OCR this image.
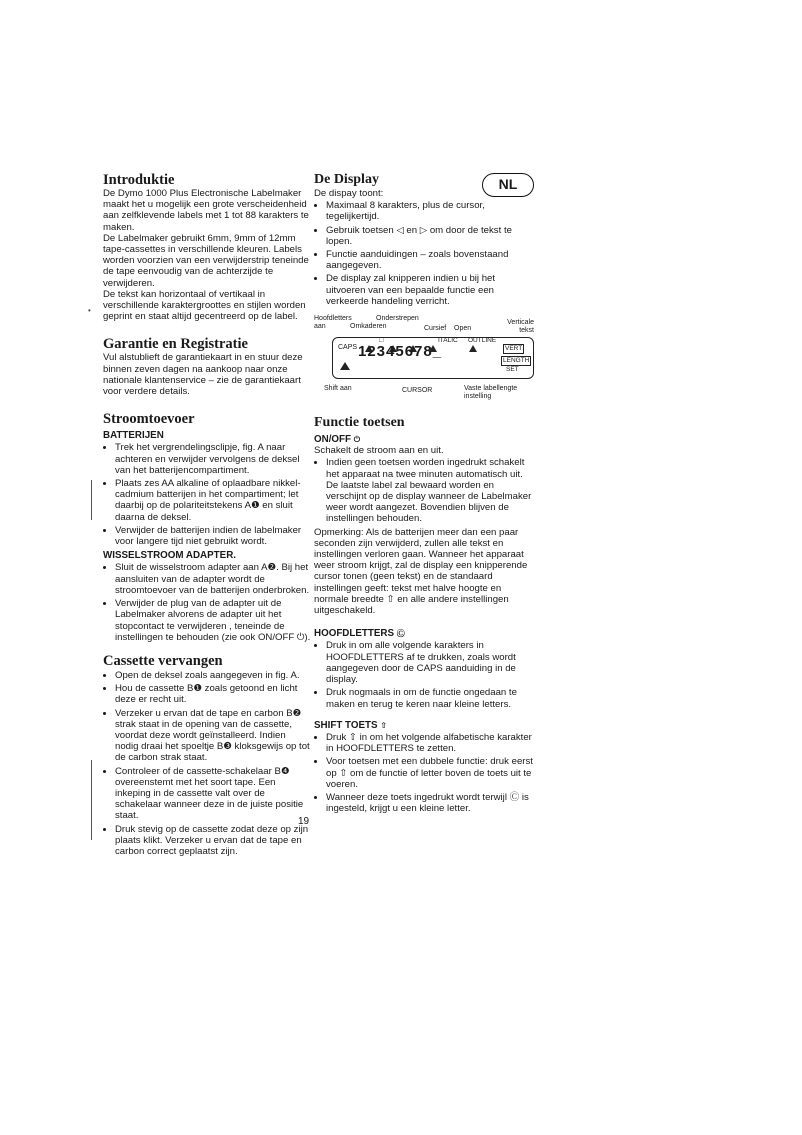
•
NL
Introduktie

De Dymo 1000 Plus Electronische Labelmaker maakt het u mogelijk een grote verscheidenheid aan zelfklevende labels met 1 tot 88 karakters te maken.

De Labelmaker gebruikt 6mm, 9mm of 12mm tape-cassettes in verschillende kleuren. Labels worden voorzien van een verwijderstrip teneinde de tape eenvoudig van de achterzijde te verwijderen.

De tekst kan horizontaal of vertikaal in verschillende karaktergroottes en stijlen worden geprint en staat altijd gecentreerd op de label.

Garantie en Registratie

Vul alstublieft de garantiekaart in en stuur deze binnen zeven dagen na aankoop naar onze nationale klantenservice – zie de garantiekaart voor verdere details.

Stroomtoevoer
BATTERIJEN
• Trek het vergrendelingsclipje, fig. A naar achteren en verwijder vervolgens de deksel van het batterijencompartiment.
• Plaats zes AA alkaline of oplaadbare nikkel-cadmium batterijen in het compartiment; let daarbij op de polariteitstekens A❶ en sluit daarna de deksel.
• Verwijder de batterijen indien de labelmaker voor langere tijd niet gebruikt wordt.
WISSELSTROOM ADAPTER.
• Sluit de wisselstroom adapter aan A❷. Bij het aansluiten van de adapter wordt de stroomtoevoer van de batterijen onderbroken.
• Verwijder de plug van de adapter uit de Labelmaker alvorens de adapter uit het stopcontact te verwijderen , teneinde de instellingen te behouden (zie ook ON/OFF ⏻).
Cassette vervangen
• Open de deksel zoals aangegeven in fig. A.
• Hou de cassette B❶ zoals getoond en licht deze er recht uit.
• Verzeker u ervan dat de tape en carbon B❷ strak staat in de opening van de cassette, voordat deze wordt geïnstalleerd. Indien nodig draai het spoeltje B❸ kloksgewijs op tot de carbon strak staat.
• Controleer of de cassette-schakelaar B❹ overeenstemt met het soort tape. Een inkeping in de cassette valt over de schakelaar wanneer deze in de juiste positie staat.
• Druk stevig op de cassette zodat deze op zijn plaats klikt. Verzeker u ervan dat de tape en carbon correct geplaatst zijn.
De Display

De dispay toont:

• Maximaal 8 karakters, plus de cursor, tegelijkertijd.
• Gebruik toetsen ◁ en ▷ om door de tekst te lopen.
• Functie aanduidingen – zoals bovenstaand aangegeven.
• De display zal knipperen indien u bij het uitvoeren van een bepaalde functie een verkeerde handeling verricht.
Hoofdletters aan
Onderstrepen
Omkaderen	Cursief Open
Verticale tekst
CAPS
□	ITALIC OUTLINE
VERT
LENGTH
SET
12345678_
Shift aan	CURSOR	Vaste labellengte instelling
Functie toetsen
ON/OFF ⏻

Schakelt de stroom aan en uit.

• Indien geen toetsen worden ingedrukt schakelt het apparaat na twee minuten automatisch uit. De laatste label zal bewaard worden en verschijnt op de display wanneer de Labelmaker weer wordt aangezet. Bovendien blijven de instellingen behouden.

Opmerking: Als de batterijen meer dan een paar seconden zijn verwijderd, zullen alle tekst en instellingen verloren gaan. Wanneer het apparaat weer stroom krijgt, zal de display een knipperende cursor tonen (geen tekst) en de standaard instellingen geeft: tekst met halve hoogte en normale breedte ⇧ en alle andere instellingen uitgeschakeld.

HOOFDLETTERS Ⓒ
• Druk in om alle volgende karakters in HOOFDLETTERS af te drukken, zoals wordt aangegeven door de CAPS aanduiding in de display.
• Druk nogmaals in om de functie ongedaan te maken en terug te keren naar kleine letters.
SHIFT TOETS ⇧
• Druk ⇧ in om het volgende alfabetische karakter in HOOFDLETTERS te zetten.
• Voor toetsen met een dubbele functie: druk eerst op ⇧ om de functie of letter boven de toets uit te voeren.
• Wanneer deze toets ingedrukt wordt terwijl Ⓒ is ingesteld, krijgt u een kleine letter.
19
